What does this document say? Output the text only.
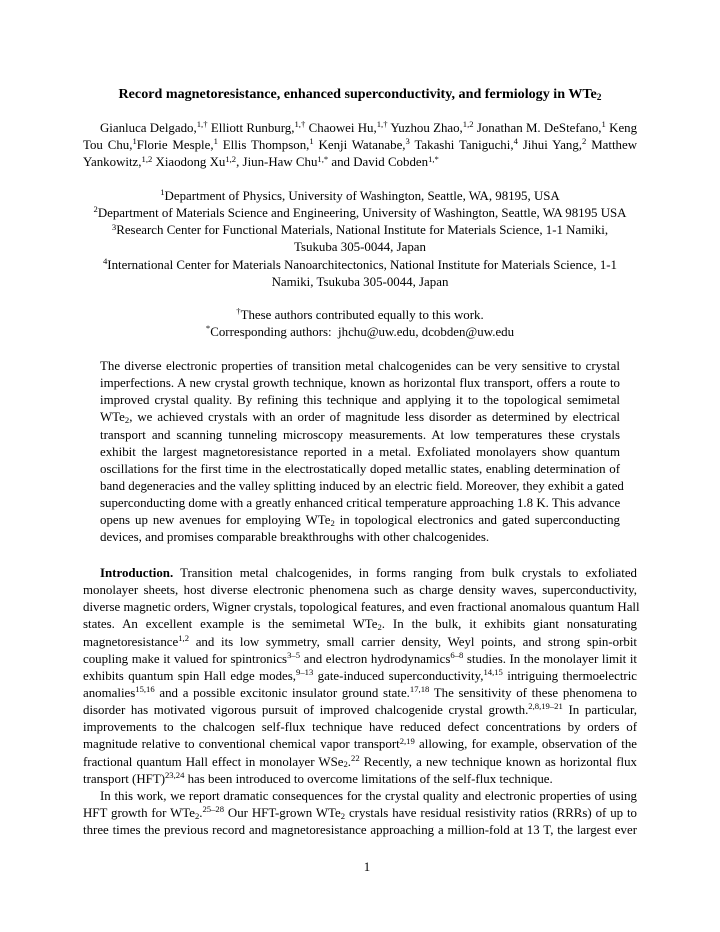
Record magnetoresistance, enhanced superconductivity, and fermiology in WTe$_2$
Gianluca Delgado,$^{1,\dagger}$ Elliott Runburg,$^{1,\dagger}$ Chaowei Hu,$^{1,\dagger}$ Yuzhou Zhao,$^{1,2}$ Jonathan M. DeStefano,$^1$ Keng
Tou Chu,$^1$Florie Mesple,$^1$ Ellis Thompson,$^1$ Kenji Watanabe,$^3$ Takashi Taniguchi,$^4$ Jihui Yang,$^2$ Matthew
Yankowitz,$^{1,2}$ Xiaodong Xu$^{1,2}$, Jiun-Haw Chu$^{1,*}$ and David Cobden$^{1,*}$
$^1$Department of Physics, University of Washington, Seattle, WA, 98195, USA
$^2$Department of Materials Science and Engineering, University of Washington, Seattle, WA 98195 USA
$^3$Research Center for Functional Materials, National Institute for Materials Science, 1-1 Namiki,
Tsukuba 305-0044, Japan
$^4$International Center for Materials Nanoarchitectonics, National Institute for Materials Science, 1-1
Namiki, Tsukuba 305-0044, Japan
†These authors contributed equally to this work.
*Corresponding authors:  jhchu@uw.edu, dcobden@uw.edu
The diverse electronic properties of transition metal chalcogenides can be very sensitive to crystal
imperfections. A new crystal growth technique, known as horizontal flux transport, offers a route to
improved crystal quality. By refining this technique and applying it to the topological semimetal
WTe$_2$, we achieved crystals with an order of magnitude less disorder as determined by electrical
transport and scanning tunneling microscopy measurements. At low temperatures these crystals
exhibit the largest magnetoresistance reported in a metal. Exfoliated monolayers show quantum
oscillations for the first time in the electrostatically doped metallic states, enabling determination of
band degeneracies and the valley splitting induced by an electric field. Moreover, they exhibit a gated
superconducting dome with a greatly enhanced critical temperature approaching 1.8 K. This advance
opens up new avenues for employing WTe$_2$ in topological electronics and gated superconducting
devices, and promises comparable breakthroughs with other chalcogenides.
Introduction. Transition metal chalcogenides, in forms ranging from bulk crystals to exfoliated
monolayer sheets, host diverse electronic phenomena such as charge density waves, superconductivity,
diverse magnetic orders, Wigner crystals, topological features, and even fractional anomalous quantum Hall
states. An excellent example is the semimetal WTe$_2$. In the bulk, it exhibits giant nonsaturating
magnetoresistance$^{1,2}$ and its low symmetry, small carrier density, Weyl points, and strong spin-orbit
coupling make it valued for spintronics$^{3-5}$ and electron hydrodynamics$^{6-8}$ studies. In the monolayer limit it
exhibits quantum spin Hall edge modes,$^{9-13}$ gate-induced superconductivity,$^{14,15}$ intriguing thermoelectric
anomalies$^{15,16}$ and a possible excitonic insulator ground state.$^{17,18}$ The sensitivity of these phenomena to
disorder has motivated vigorous pursuit of improved chalcogenide crystal growth.$^{2,8,19-21}$ In particular,
improvements to the chalcogen self-flux technique have reduced defect concentrations by orders of
magnitude relative to conventional chemical vapor transport$^{2,19}$ allowing, for example, observation of the
fractional quantum Hall effect in monolayer WSe$_2$.$^{22}$ Recently, a new technique known as horizontal flux
transport (HFT)$^{23,24}$ has been introduced to overcome limitations of the self-flux technique.
In this work, we report dramatic consequences for the crystal quality and electronic properties of using
HFT growth for WTe$_2$.$^{25-28}$ Our HFT-grown WTe$_2$ crystals have residual resistivity ratios (RRRs) of up to
three times the previous record and magnetoresistance approaching a million-fold at 13 T, the largest ever
1
